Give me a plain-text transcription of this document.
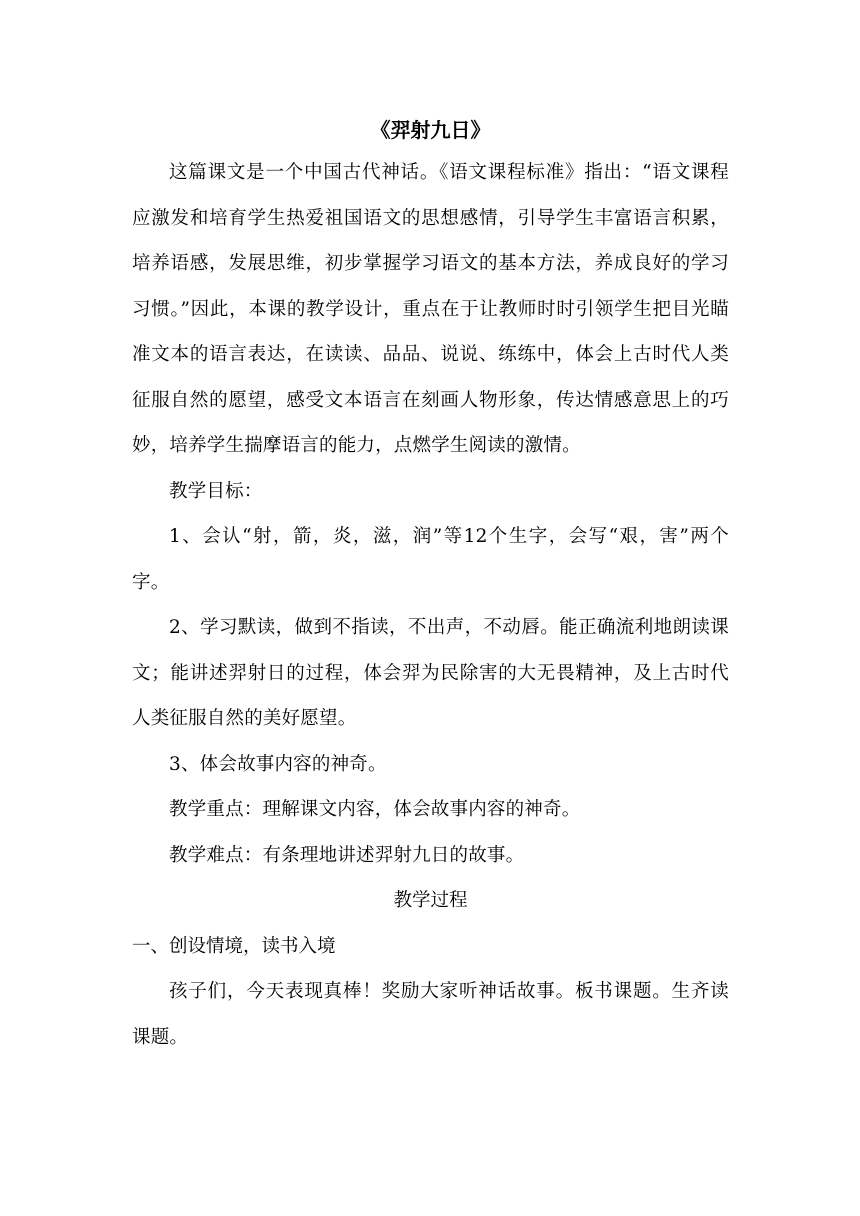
《羿射九日》

这篇课文是一个中国古代神话。《语文课程标准》指出：“语文课程应激发和培育学生热爱祖国语文的思想感情，引导学生丰富语言积累，培养语感，发展思维，初步掌握学习语文的基本方法，养成良好的学习习惯。”因此，本课的教学设计，重点在于让教师时时引领学生把目光瞄准文本的语言表达，在读读、品品、说说、练练中，体会上古时代人类征服自然的愿望，感受文本语言在刻画人物形象，传达情感意思上的巧妙，培养学生揣摩语言的能力，点燃学生阅读的激情。

教学目标：

1、会认“射，箭，炎，滋，润”等12个生字，会写“艰，害”两个字。

2、学习默读，做到不指读，不出声，不动唇。能正确流利地朗读课文；能讲述羿射日的过程，体会羿为民除害的大无畏精神，及上古时代人类征服自然的美好愿望。

3、体会故事内容的神奇。

教学重点：理解课文内容，体会故事内容的神奇。

教学难点：有条理地讲述羿射九日的故事。

教学过程

一、创设情境，读书入境

孩子们，今天表现真棒！奖励大家听神话故事。板书课题。生齐读课题。
